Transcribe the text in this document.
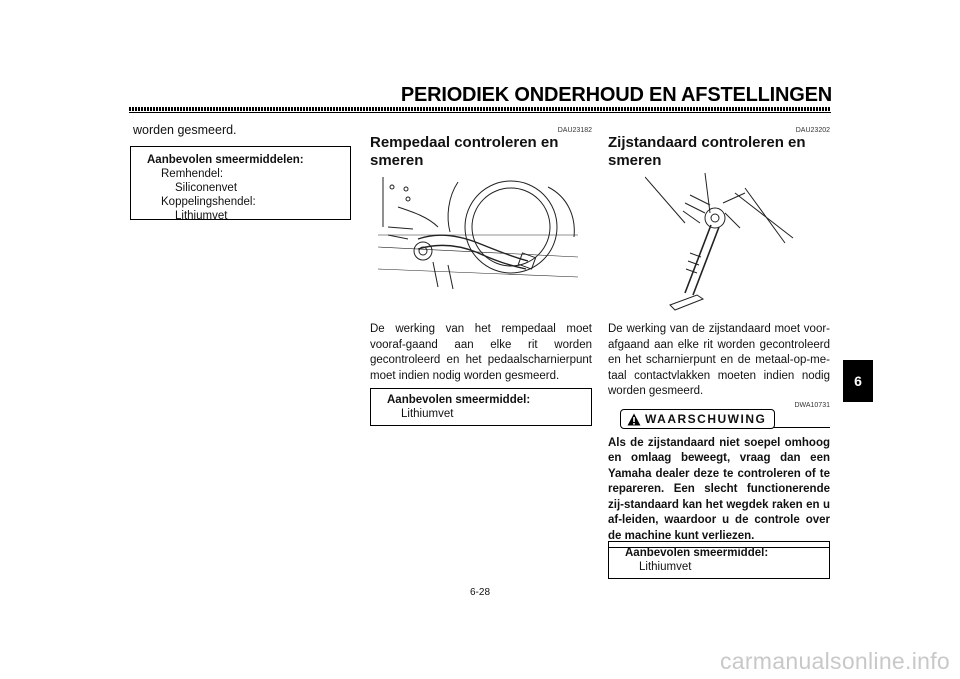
PERIODIEK ONDERHOUD EN AFSTELLINGEN
worden gesmeerd.
Aanbevolen smeermiddelen:
Remhendel:
Siliconenvet
Koppelingshendel:
Lithiumvet
DAU23182
Rempedaal controleren en smeren
De werking van het rempedaal moet vooraf-gaand aan elke rit worden gecontroleerd en het pedaalscharnierpunt moet indien nodig worden gesmeerd.
Aanbevolen smeermiddel:
Lithiumvet
DAU23202
Zijstandaard controleren en smeren
De werking van de zijstandaard moet voor-afgaand aan elke rit worden gecontroleerd en het scharnierpunt en de metaal-op-me-taal contactvlakken moeten indien nodig worden gesmeerd.
DWA10731
WAARSCHUWING
Als de zijstandaard niet soepel omhoog en omlaag beweegt, vraag dan een Yamaha dealer deze te controleren of te repareren. Een slecht functionerende zij-standaard kan het wegdek raken en u af-leiden, waardoor u de controle over de machine kunt verliezen.
Aanbevolen smeermiddel:
Lithiumvet
6
6-28
carmanualsonline.info
